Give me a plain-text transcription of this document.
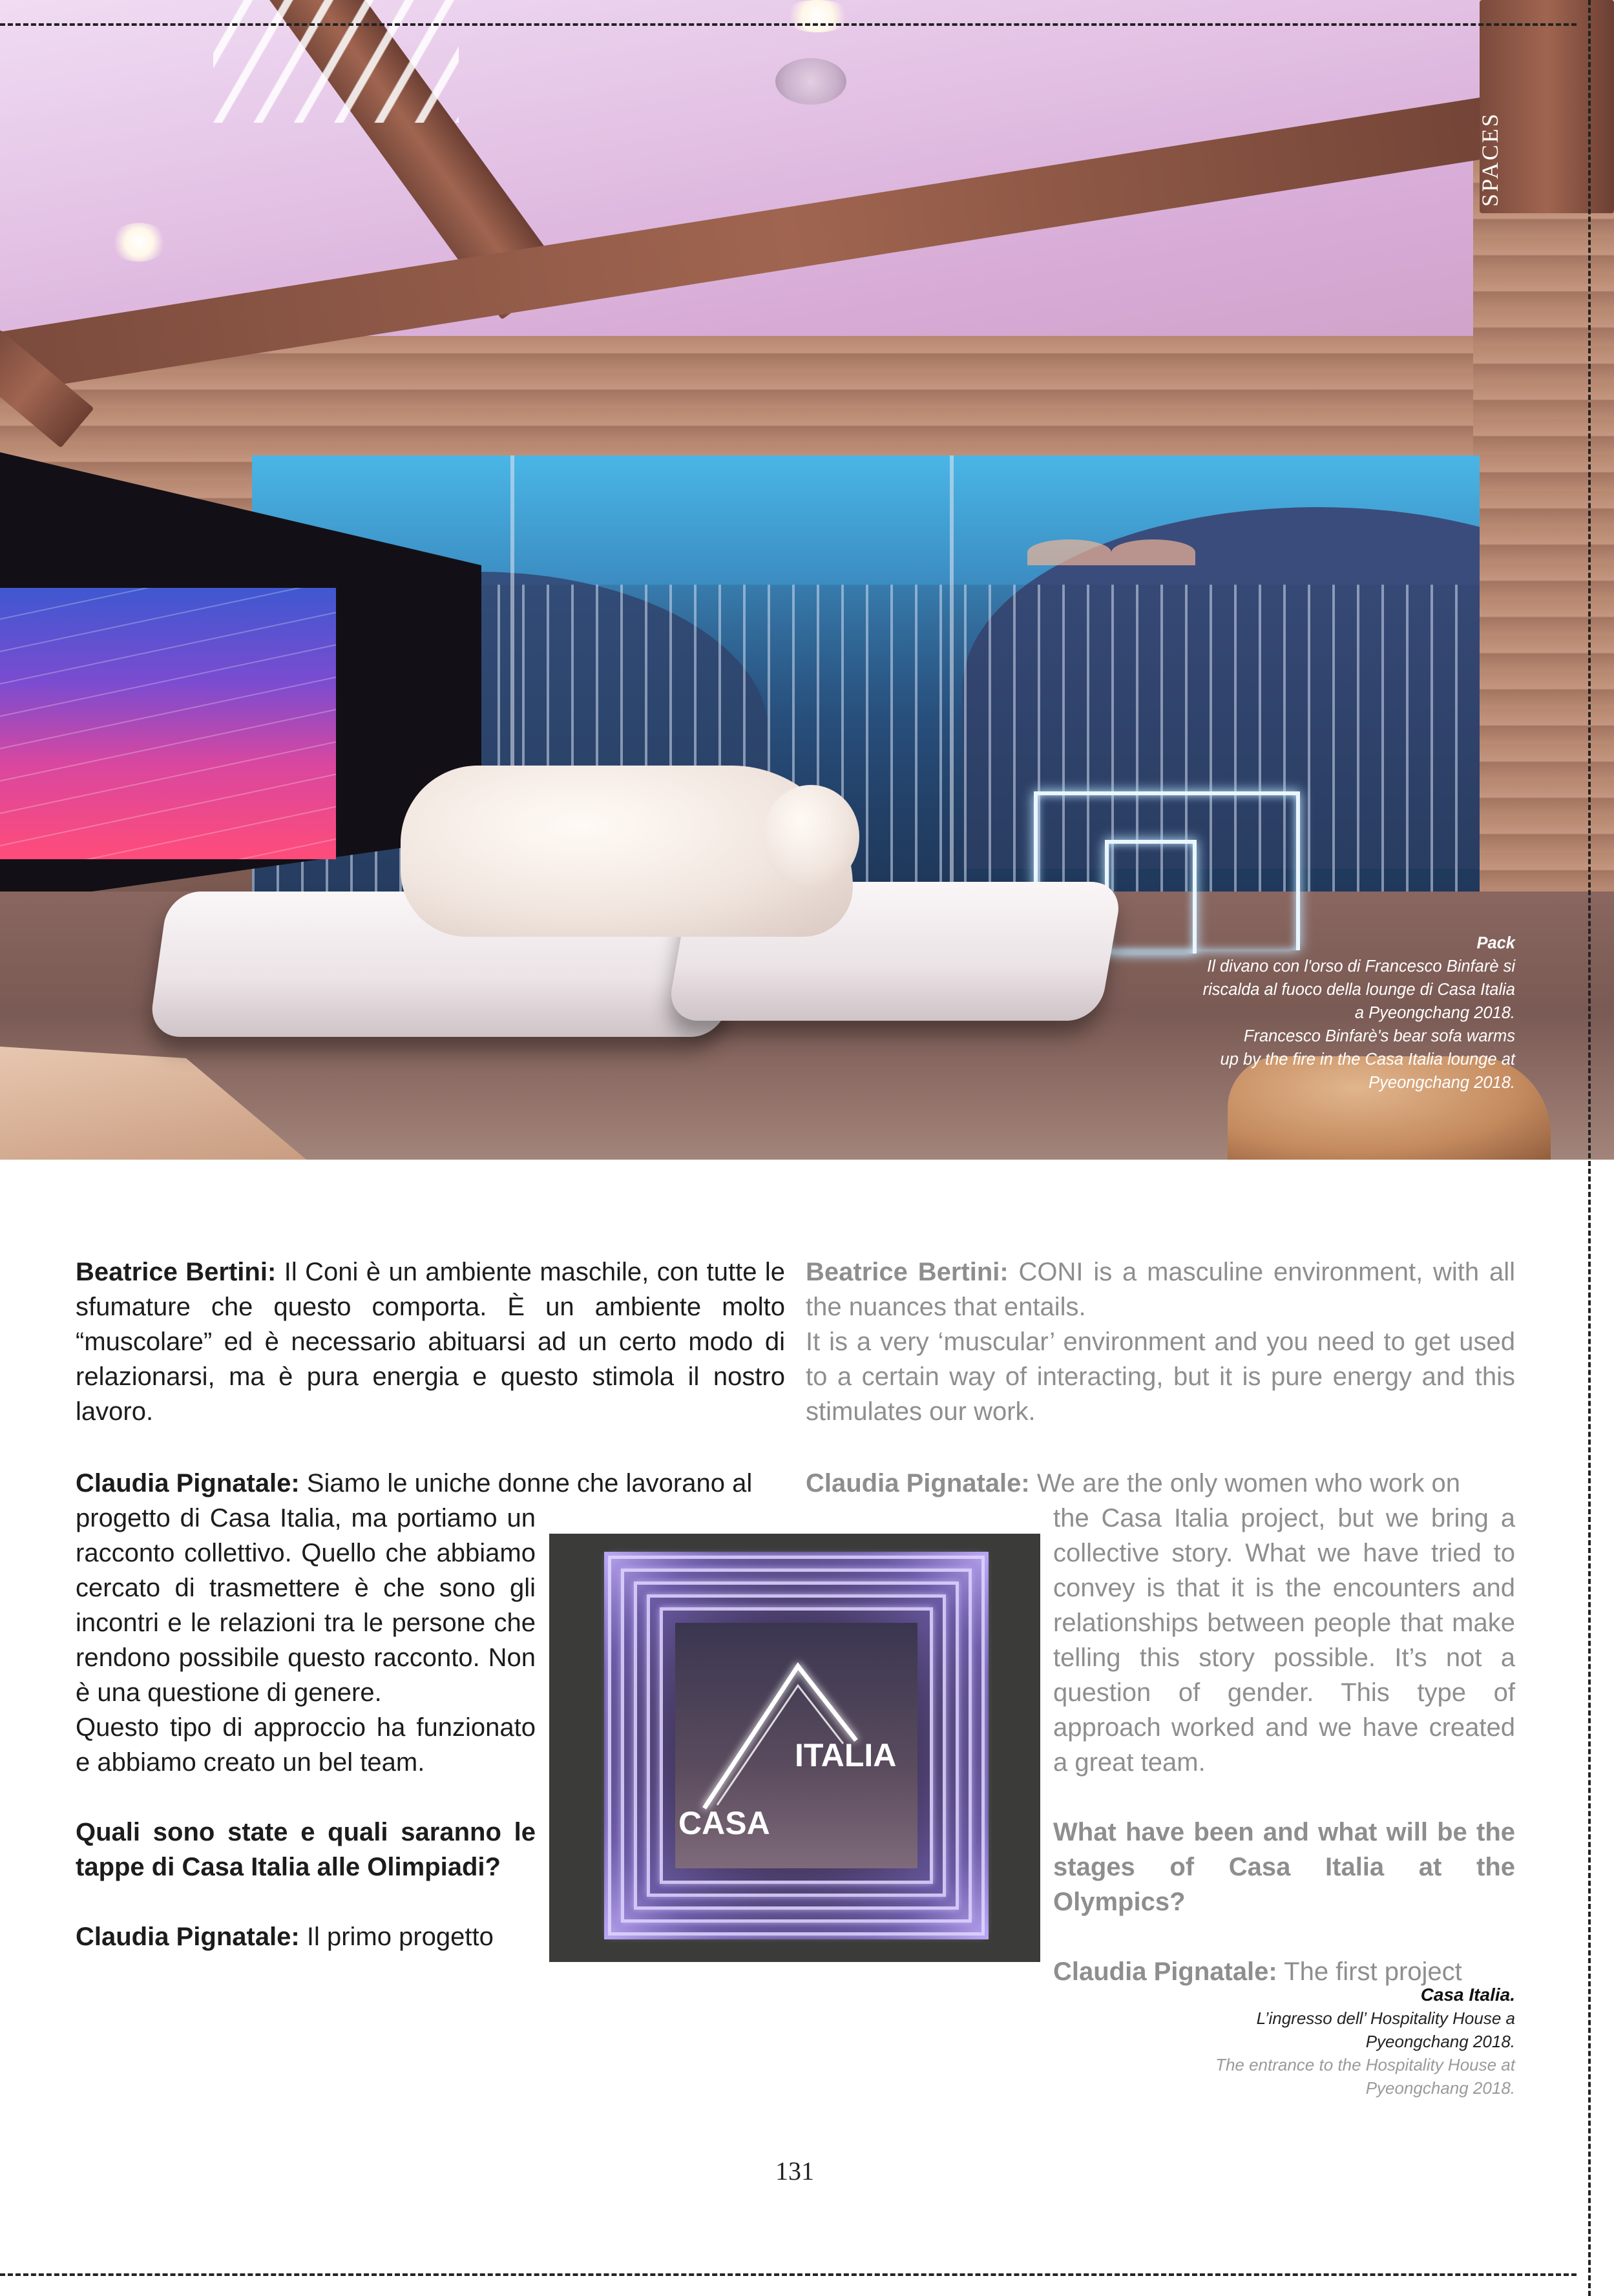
SPACES
Pack
Il divano con l'orso di Francesco Binfarè si
riscalda al fuoco della lounge di Casa Italia
a Pyeongchang 2018.
Francesco Binfarè's bear sofa warms
up by the fire in the Casa Italia lounge at
Pyeongchang 2018.

Beatrice Bertini: Il Coni è un ambiente maschile, con tutte le sfumature che questo comporta. È un ambiente molto “muscolare” ed è necessario abituarsi ad un certo modo di relazionarsi, ma è pura energia e questo stimola il nostro lavoro.

Claudia Pignatale: Siamo le uniche donne che lavorano al

progetto di Casa Italia, ma portiamo un racconto collettivo. Quello che abbiamo cercato di trasmettere è che sono gli incontri e le relazioni tra le persone che rendono possibile questo racconto. Non è una questione di genere.

Questo tipo di approccio ha funzionato e abbiamo creato un bel team.

Quali sono state e quali saranno le tappe di Casa Italia alle Olimpiadi?

Claudia Pignatale: Il primo progetto

Beatrice Bertini: CONI is a masculine environment, with all the nuances that entails.

It is a very ‘muscular’ environment and you need to get used to a certain way of interacting, but it is pure energy and this stimulates our work.

Claudia Pignatale: We are the only women who work on

the Casa Italia project, but we bring a collective story. What we have tried to convey is that it is the encounters and relationships between people that make telling this story possible. It’s not a question of gender. This type of approach worked and we have created a great team.

What have been and what will be the stages of Casa Italia at the Olympics?

Claudia Pignatale: The first project

ITALIA
CASA
Casa Italia.
L’ingresso dell’ Hospitality House a
Pyeongchang 2018.
The entrance to the Hospitality House at
Pyeongchang 2018.
131
